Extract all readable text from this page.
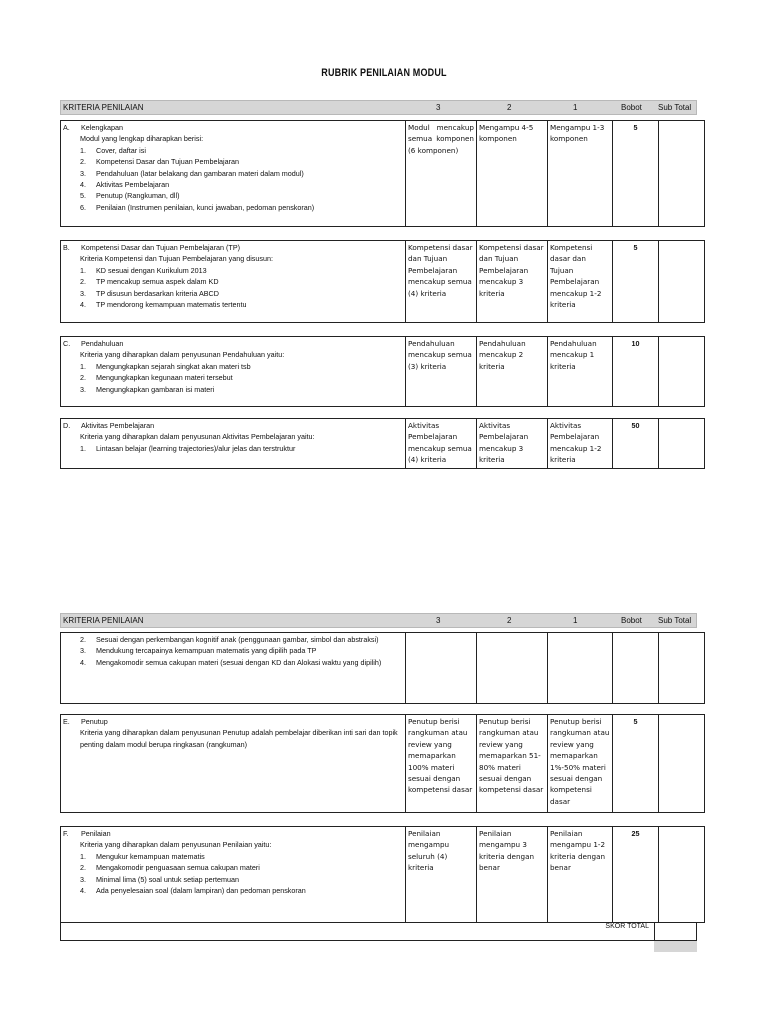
RUBRIK PENILAIAN MODUL
KRITERIA PENILAIAN	3	2	1	Bobot Sub Total
A.	Kelengkapan
Modul yang lengkap diharapkan berisi:
1.	Cover, daftar isi
2.	Kompetensi Dasar dan Tujuan Pembelajaran
3.	Pendahuluan (latar belakang dan gambaran materi dalam modul)
4.	Aktivitas Pembelajaran
5.	Penutup (Rangkuman, dll)
6.	Penilaian (Instrumen penilaian, kunci jawaban, pedoman penskoran)
	Modul mencakup semua komponen (6 komponen)	Mengampu 4-5 komponen	Mengampu 1-3 komponen	5	
B.	Kompetensi Dasar dan Tujuan Pembelajaran (TP)
Kriteria Kompetensi dan Tujuan Pembelajaran yang disusun:
1.	KD sesuai dengan Kurikulum 2013
2.	TP mencakup semua aspek dalam KD
3.	TP disusun berdasarkan kriteria ABCD
4.	TP mendorong kemampuan matematis tertentu
	Kompetensi dasar dan Tujuan Pembelajaran mencakup semua (4) kriteria	Kompetensi dasar dan Tujuan Pembelajaran mencakup 3 kriteria	Kompetensi dasar dan Tujuan Pembelajaran mencakup 1-2 kriteria	5	
C.	Pendahuluan
Kriteria yang diharapkan dalam penyusunan Pendahuluan yaitu:
1.	Mengungkapkan sejarah singkat akan materi tsb
2.	Mengungkapkan kegunaan materi tersebut
3.	Mengungkapkan gambaran isi materi
	Pendahuluan mencakup semua (3) kriteria	Pendahuluan mencakup 2 kriteria	Pendahuluan mencakup 1 kriteria	10	
D.	Aktivitas Pembelajaran
Kriteria yang diharapkan dalam penyusunan Aktivitas Pembelajaran yaitu:
1.	Lintasan belajar (learning trajectories)/alur jelas dan terstruktur
	Aktivitas Pembelajaran mencakup semua (4) kriteria	Aktivitas Pembelajaran mencakup 3 kriteria	Aktivitas Pembelajaran mencakup 1-2 kriteria	50	
KRITERIA PENILAIAN	3	2	1	Bobot Sub Total
2.	Sesuai dengan perkembangan kognitif anak (penggunaan gambar, simbol dan abstraksi)
3.	Mendukung tercapainya kemampuan matematis yang dipilih pada TP
4.	Mengakomodir semua cakupan materi (sesuai dengan KD dan Alokasi waktu yang dipilih)

E.	Penutup
Kriteria yang diharapkan dalam penyusunan Penutup adalah pembelajar diberikan inti sari dan topik penting dalam modul berupa ringkasan (rangkuman)
	Penutup berisi rangkuman atau review yang memaparkan 100% materi sesuai dengan kompetensi dasar	Penutup berisi rangkuman atau review yang memaparkan 51-80% materi sesuai dengan kompetensi dasar	Penutup berisi rangkuman atau review yang memaparkan 1%-50% materi sesuai dengan kompetensi dasar	5	
F.	Penilaian
Kriteria yang diharapkan dalam penyusunan Penilaian yaitu:
1.	Mengukur kemampuan matematis
2.	Mengakomodir penguasaan semua cakupan materi
3.	Minimal lima (5) soal untuk setiap pertemuan
4.	Ada penyelesaian soal (dalam lampiran) dan pedoman penskoran
	Penilaian mengampu seluruh (4) kriteria	Penilaian mengampu 3 kriteria dengan benar	Penilaian mengampu 1-2 kriteria dengan benar	25	
SKOR TOTAL
